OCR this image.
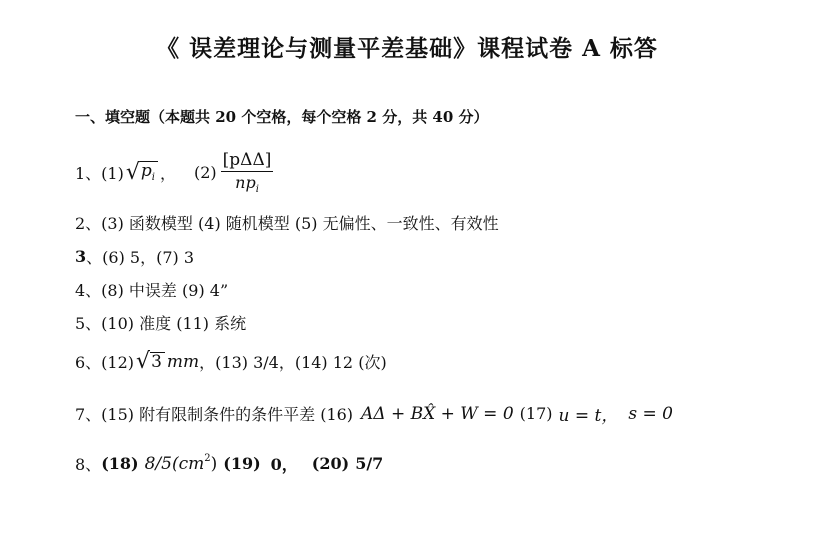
《 误差理论与测量平差基础》课程试卷 A 标答
一、填空题（本题共 20 个空格，每个空格 2 分，共 40 分）
1、(1) √ $p_i$ ， $(2) \frac{\text{[pΔΔ]}}{np_i}$
2、(3) 函数模型 (4) 随机模型 (5) 无偏性、一致性、有效性
3 、(6) 5，(7) 3
4、(8) 中误差 (9) 4”
5、(10) 准度 (11) 系统
6、(12) √ 3 mm ，(13) 3/4，(14) 12 (次)
7、(15) 附有限制条件的条件平差 (16) AΔ + BX̂ + W = 0 (17) u = t， s = 0
8、 (18) $8/5(cm^2)$ (19) 0， (20) 5/7
